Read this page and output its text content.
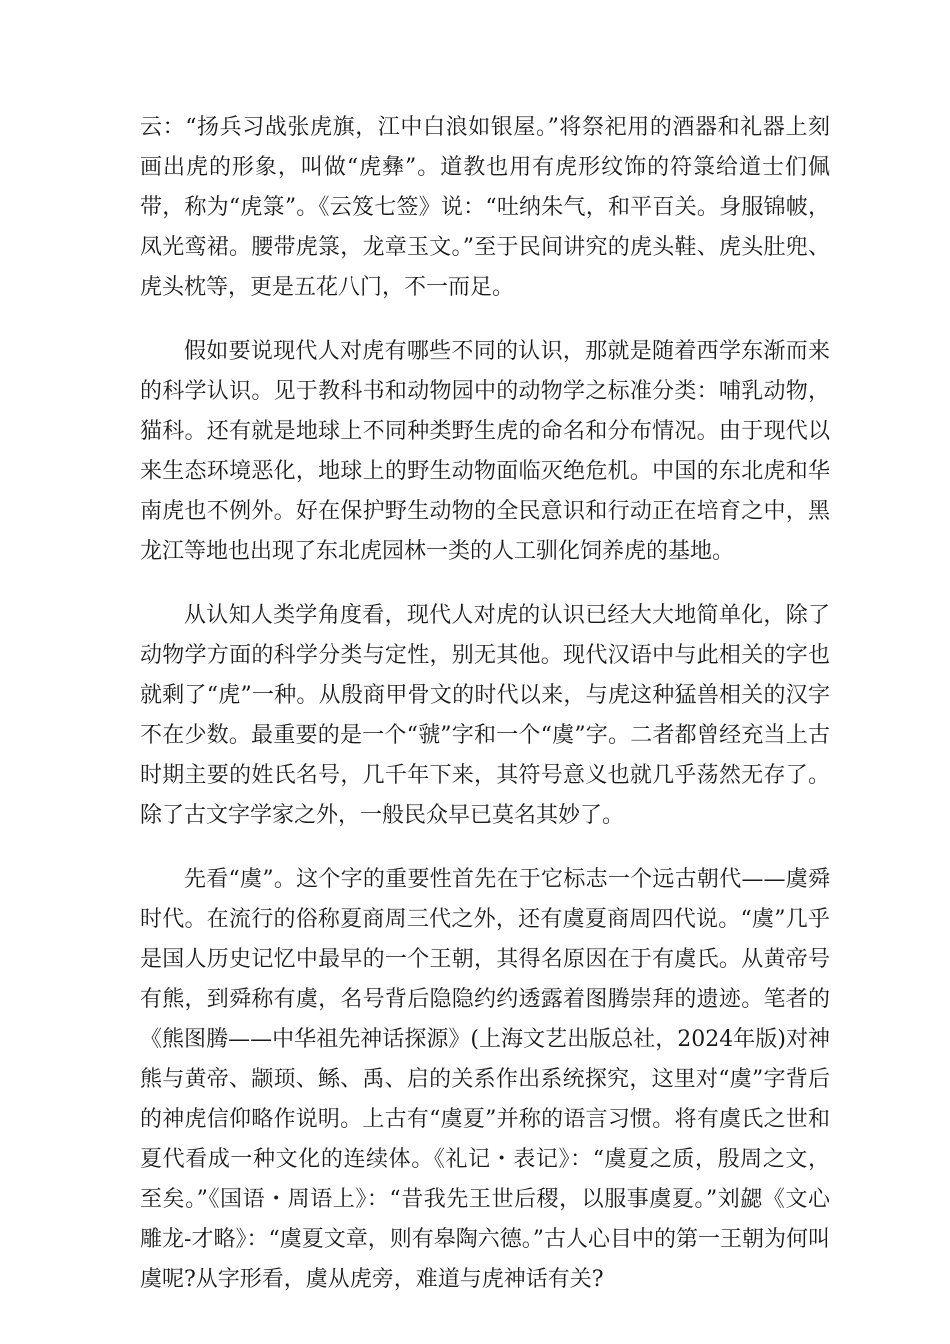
云：“扬兵习战张虎旗，江中白浪如银屋。”将祭祀用的酒器和礼器上刻画出虎的形象，叫做“虎彝”。道教也用有虎形纹饰的符箓给道士们佩带，称为“虎箓”。《云笈七签》说：“吐纳朱气，和平百关。身服锦帔，凤光鸾裙。腰带虎箓，龙章玉文。”至于民间讲究的虎头鞋、虎头肚兜、虎头枕等，更是五花八门，不一而足。

假如要说现代人对虎有哪些不同的认识，那就是随着西学东渐而来的科学认识。见于教科书和动物园中的动物学之标准分类：哺乳动物，猫科。还有就是地球上不同种类野生虎的命名和分布情况。由于现代以来生态环境恶化，地球上的野生动物面临灭绝危机。中国的东北虎和华南虎也不例外。好在保护野生动物的全民意识和行动正在培育之中，黑龙江等地也出现了东北虎园林一类的人工驯化饲养虎的基地。

从认知人类学角度看，现代人对虎的认识已经大大地简单化，除了动物学方面的科学分类与定性，别无其他。现代汉语中与此相关的字也就剩了“虎”一种。从殷商甲骨文的时代以来，与虎这种猛兽相关的汉字不在少数。最重要的是一个“虢”字和一个“虞”字。二者都曾经充当上古时期主要的姓氏名号，几千年下来，其符号意义也就几乎荡然无存了。除了古文字学家之外，一般民众早已莫名其妙了。

先看“虞”。这个字的重要性首先在于它标志一个远古朝代——虞舜时代。在流行的俗称夏商周三代之外，还有虞夏商周四代说。“虞”几乎是国人历史记忆中最早的一个王朝，其得名原因在于有虞氏。从黄帝号有熊，到舜称有虞，名号背后隐隐约约透露着图腾崇拜的遗迹。笔者的《熊图腾——中华祖先神话探源》(上海文艺出版总社，2024年版)对神熊与黄帝、颛顼、鲧、禹、启的关系作出系统探究，这里对“虞”字背后的神虎信仰略作说明。上古有“虞夏”并称的语言习惯。将有虞氏之世和夏代看成一种文化的连续体。《礼记・表记》：“虞夏之质，殷周之文，至矣。”《国语・周语上》：“昔我先王世后稷，以服事虞夏。”刘勰《文心雕龙-才略》：“虞夏文章，则有皋陶六德。”古人心目中的第一王朝为何叫虞呢?从字形看，虞从虎旁，难道与虎神话有关?
